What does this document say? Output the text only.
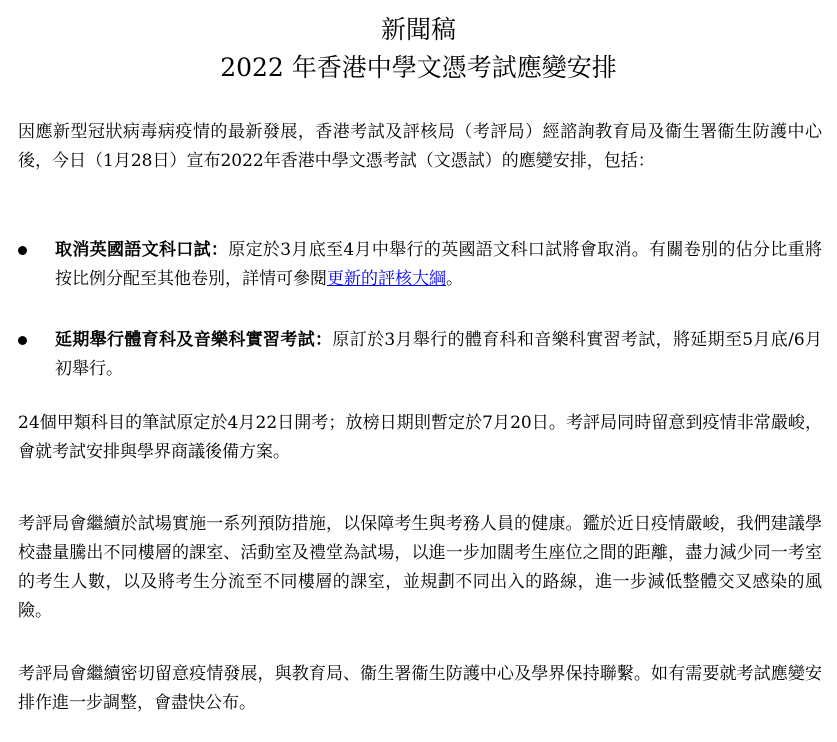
新聞稿
2022 年香港中學文憑考試應變安排

因應新型冠狀病毒病疫情的最新發展，香港考試及評核局（考評局）經諮詢教育局及衞生署衞生防護中心後，今日（1月28日）宣布2022年香港中學文憑考試（文憑試）的應變安排，包括：

取消英國語文科口試：原定於3月底至4月中舉行的英國語文科口試將會取消。有關卷別的佔分比重將按比例分配至其他卷別，詳情可參閱更新的評核大綱。
延期舉行體育科及音樂科實習考試：原訂於3月舉行的體育科和音樂科實習考試，將延期至5月底/6月初舉行。

24個甲類科目的筆試原定於4月22日開考；放榜日期則暫定於7月20日。考評局同時留意到疫情非常嚴峻，會就考試安排與學界商議後備方案。

考評局會繼續於試場實施一系列預防措施，以保障考生與考務人員的健康。鑑於近日疫情嚴峻，我們建議學校盡量騰出不同樓層的課室、活動室及禮堂為試場，以進一步加闊考生座位之間的距離，盡力減少同一考室的考生人數，以及將考生分流至不同樓層的課室，並規劃不同出入的路線，進一步減低整體交叉感染的風險。

考評局會繼續密切留意疫情發展，與教育局、衞生署衞生防護中心及學界保持聯繫。如有需要就考試應變安排作進一步調整，會盡快公布。
